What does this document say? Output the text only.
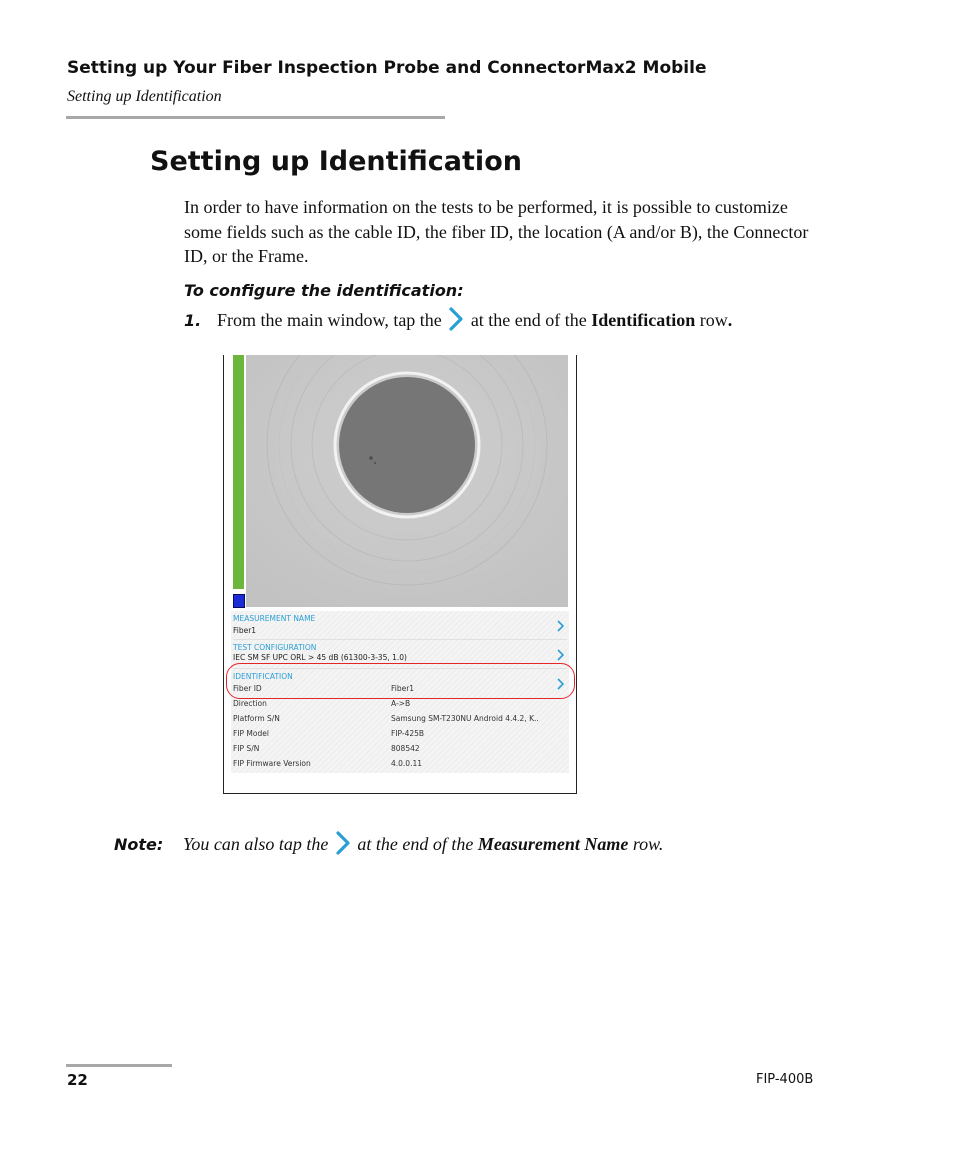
Setting up Your Fiber Inspection Probe and ConnectorMax2 Mobile
Setting up Identification
Setting up Identification
In order to have information on the tests to be performed, it is possible to customize some fields such as the cable ID, the fiber ID, the location (A and/or B), the Connector ID, or the Frame.
To configure the identification:
1. From the main window, tap the at the end of the Identification row.
MEASUREMENT NAME
Fiber1
TEST CONFIGURATION
IEC SM SF UPC ORL > 45 dB (61300-3-35, 1.0)
IDENTIFICATION
Fiber ID	Fiber1
Direction	A->B
Platform S/N	Samsung SM-T230NU Android 4.4.2, K..
FIP Model	FIP-425B
FIP S/N	808542
FIP Firmware Version	4.0.0.11
Note: You can also tap the at the end of the Measurement Name row.
22	FIP-400B
